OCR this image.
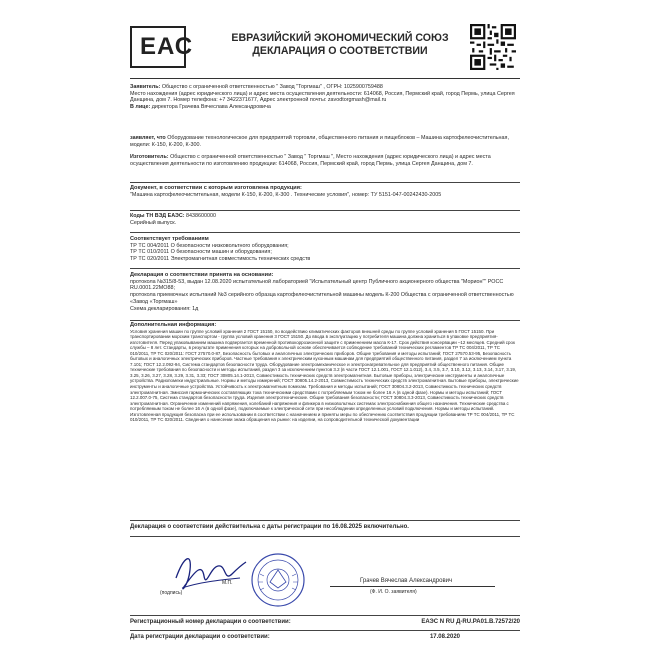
ЕАС	ЕВРАЗИЙСКИЙ ЭКОНОМИЧЕСКИЙ СОЮЗ
ДЕКЛАРАЦИЯ О СООТВЕТСТВИИ

Заявитель: Общество с ограниченной ответственностью " Завод "Торгмаш" , ОГРН: 1025900759488

Место нахождения (адрес юридического лица) и адрес места осуществления деятельности: 614068, Россия, Пермский край, город Пермь, улица Сергея Данщина, дом 7. Номер телефона: +7 3422371677, Адрес электронной почты: zavodtorgmash@mail.ru

В лице: директора Грачева Вячеслава Александровича

заявляет, что Оборудование технологическое для предприятий торговли, общественного питания и пищеблоков – Машина картофелеочистительная, модели: К-150, К-200, К-300.

Изготовитель: Общество с ограниченной ответственностью " Завод " Торгмаш ", Место нахождения (адрес юридического лица) и адрес места осуществления деятельности по изготовлению продукции: 614068, Россия, Пермский край, город Пермь, улица Сергея Данщина, дом 7.

Документ, в соответствии с которым изготовлена продукция:

"Машина картофелеочистительная, модели К-150, К-200, К-300 . Технические условия", номер: ТУ 5151-047-00242430-2005

Коды ТН ВЭД ЕАЭС: 8438600000

Серийный выпуск.

Соответствует требованиям

ТР ТС 004/2011 О безопасности низковольтного оборудования;

ТР ТС 010/2011 О безопасности машин и оборудования;

ТР ТС 020/2011 Электромагнитная совместимость технических средств

Декларация о соответствии принята на основании:

протокола №315/8-53, выдан 12.08.2020 испытательной лабораторией "Испытательный центр Публичного акционерного общества "Морион"" РОСС RU.0001.22МО88;

протокола приемочных испытаний №3 серийного образца картофелеочистительной машины модель К-200 Общества с ограниченной ответственностью «Завод «Торгмаш»

Схема декларирования: 1д

Дополнительная информация:

Условия хранения машин по группе условий хранения 2 ГОСТ 15150, по воздействию климатических факторов внешней среды по группе условий хранения 5 ГОСТ 15150. При транспортировании морским транспортом - группа условий хранения 3 ГОСТ 15150. До ввода в эксплуатацию у потребителя машина должна храниться в упаковке предприятия-изготовителя. Перед упаковыванием машина подвергается временной противокоррозионной защите с применением масла К-17. Срок действия консервации –12 месяцев. Средний срок службы – 8 лет. Стандарты, в результате применения которых на добровольной основе обеспечивается соблюдение требований технических регламентов ТР ТС 004/2011, ТР ТС 010/2011, ТР ТС 020/2011: ГОСТ 27570.0-87, Безопасность бытовых и аналогичных электрических приборов. Общие требования и методы испытаний; ГОСТ 27570.53-95, Безопасность бытовых и аналогичных электрических приборов. Частные требования к электрическим кухонным машинам для предприятий общественного питания, раздел 7 за исключением пункта 7.101; ГОСТ 12.2.092-94, Система стандартов безопасности труда. Оборудование электромеханическое и электронагревательное для предприятий общественного питания. Общие технические требования по безопасности и методы испытаний, раздел 3 за исключением пунктов 3.2 (в части ГОСТ 12.1.001, ГОСТ 12.1.012), 3.4, 3.5, 3.7, 3.10, 3.12, 3.13, 3.14, 3.17, 3.19, 3.25, 3.26, 3.27, 3.28, 3.29, 3.31, 3.33; ГОСТ 30805.14.1-2013, Совместимость технических средств электромагнитная. Бытовые приборы, электрические инструменты и аналогичные устройства. Радиопомехи индустриальные. Нормы и методы измерений; ГОСТ 30805.14.2-2013, Совместимость технических средств электромагнитная. Бытовые приборы, электрические инструменты и аналогичные устройства. Устойчивость к электромагнитным помехам. Требования и методы испытаний; ГОСТ 30804.3.2-2013, Совместимость технических средств электромагнитная. Эмиссия гармонических составляющих тока техническими средствами с потребляемым током не более 16 А (в одной фазе). Нормы и методы испытаний; ГОСТ 12.2.007.0-75, Система стандартов безопасности труда. Изделия электротехнические. Общие требования безопасности; ГОСТ 30804.3.3-2013, Совместимость технических средств электромагнитная. Ограничение изменений напряжения, колебаний напряжения и фликера в низковольтных системах электроснабжения общего назначения. Технические средства с потребляемым током не более 16 А (в одной фазе), подключаемые к электрической сети при несоблюдении определенных условий подключения. Нормы и методы испытаний. Изготовленная продукция безопасна при ее использовании в соответствии с назначением и приняты меры по обеспечению соответствия продукции требованиям ТР ТС 004/2011, ТР ТС 010/2011, ТР ТС 020/2011. Сведения о нанесении знака обращения на рынке: на изделии, на сопроводительной технической документации

Декларация о соответствии действительна с даты регистрации по 16.08.2025 включительно.

М.П.
(подпись)
Грачев Вячеслав Александрович
(Ф. И. О. заявителя)
Регистрационный номер декларации о соответствии:	ЕАЭС N RU Д-RU.PA01.B.72572/20
Дата регистрации декларации о соответствии:	17.08.2020
